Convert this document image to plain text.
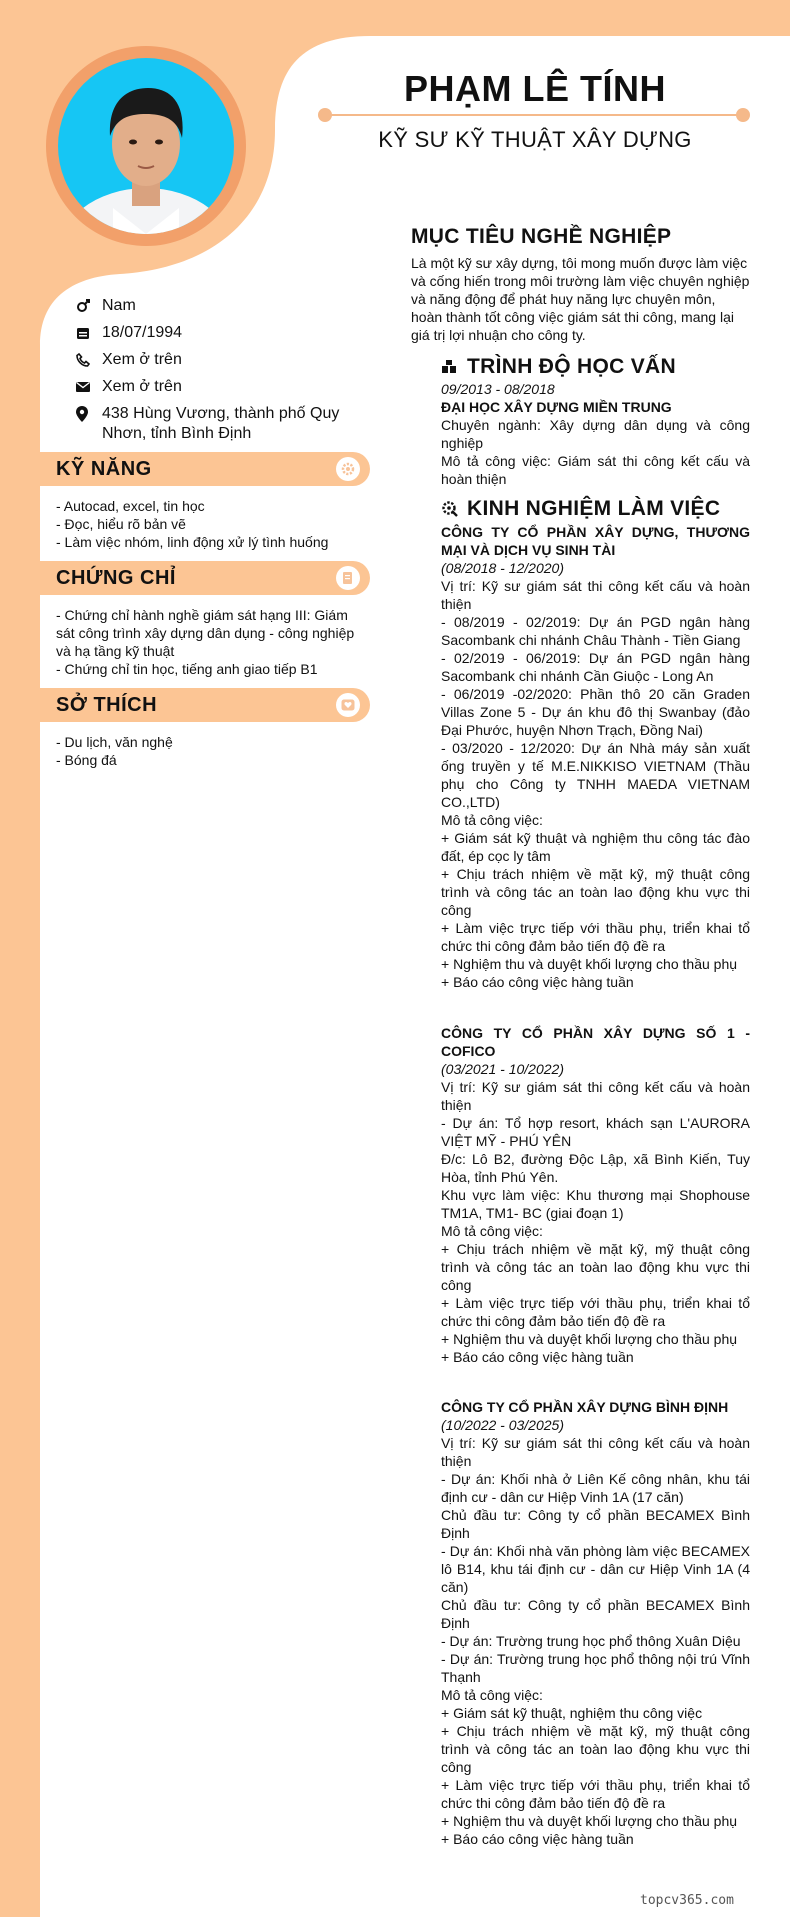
PHẠM LÊ TÍNH
KỸ SƯ KỸ THUẬT XÂY DỰNG
Nam
18/07/1994
Xem ở trên
Xem ở trên
438 Hùng Vương, thành phố Quy Nhơn, tỉnh Bình Định
KỸ NĂNG
- Autocad, excel, tin học
- Đọc, hiểu rõ bản vẽ
- Làm việc nhóm, linh động xử lý tình huống
CHỨNG CHỈ
- Chứng chỉ hành nghề giám sát hạng III: Giám sát công trình xây dựng dân dụng - công nghiệp và hạ tầng kỹ thuật
- Chứng chỉ tin học, tiếng anh giao tiếp B1
SỞ THÍCH
- Du lịch, văn nghệ
- Bóng đá
MỤC TIÊU NGHỀ NGHIỆP
Là một kỹ sư xây dựng, tôi mong muốn được làm việc và cống hiến trong môi trường làm việc chuyên nghiệp và năng động để phát huy năng lực chuyên môn, hoàn thành tốt công việc giám sát thi công, mang lại giá trị lợi nhuận cho công ty.
TRÌNH ĐỘ HỌC VẤN
09/2013 - 08/2018
ĐẠI HỌC XÂY DỰNG MIỀN TRUNG
Chuyên ngành: Xây dựng dân dụng và công nghiệp
Mô tả công việc: Giám sát thi công kết cấu và hoàn thiện
KINH NGHIỆM LÀM VIỆC
CÔNG TY CỔ PHẦN XÂY DỰNG, THƯƠNG MẠI VÀ DỊCH VỤ SINH TÀI
(08/2018 - 12/2020)
Vị trí: Kỹ sư giám sát thi công kết cấu và hoàn thiện
- 08/2019 - 02/2019: Dự án PGD ngân hàng Sacombank chi nhánh Châu Thành - Tiền Giang
- 02/2019 - 06/2019: Dự án PGD ngân hàng Sacombank chi nhánh Cần Giuộc - Long An
- 06/2019 -02/2020: Phần thô 20 căn Graden Villas Zone 5 - Dự án khu đô thị Swanbay (đảo Đại Phước, huyện Nhơn Trạch, Đồng Nai)
- 03/2020 - 12/2020: Dự án Nhà máy sản xuất ống truyền y tế M.E.NIKKISO VIETNAM (Thầu phụ cho Công ty TNHH MAEDA VIETNAM CO.,LTD)
Mô tả công việc:
+ Giám sát kỹ thuật và nghiệm thu công tác đào đất, ép cọc ly tâm
+ Chịu trách nhiệm về mặt kỹ, mỹ thuật công trình và công tác an toàn lao động khu vực thi công
+ Làm việc trực tiếp với thầu phụ, triển khai tổ chức thi công đảm bảo tiến độ đề ra
+ Nghiệm thu và duyệt khối lượng cho thầu phụ
+ Báo cáo công việc hàng tuần
CÔNG TY CỔ PHẦN XÂY DỰNG SỐ 1 - COFICO
(03/2021 - 10/2022)
Vị trí: Kỹ sư giám sát thi công kết cấu và hoàn thiện
- Dự án: Tổ hợp resort, khách sạn L'AURORA VIỆT MỸ - PHÚ YÊN
Đ/c: Lô B2, đường Độc Lập, xã Bình Kiến, Tuy Hòa, tỉnh Phú Yên.
Khu vực làm việc: Khu thương mại Shophouse TM1A, TM1- BC (giai đoạn 1)
Mô tả công việc:
+ Chịu trách nhiệm về mặt kỹ, mỹ thuật công trình và công tác an toàn lao động khu vực thi công
+ Làm việc trực tiếp với thầu phụ, triển khai tổ chức thi công đảm bảo tiến độ đề ra
+ Nghiệm thu và duyệt khối lượng cho thầu phụ
+ Báo cáo công việc hàng tuần
CÔNG TY CỔ PHẦN XÂY DỰNG BÌNH ĐỊNH
(10/2022 - 03/2025)
Vị trí: Kỹ sư giám sát thi công kết cấu và hoàn thiện
- Dự án: Khối nhà ở Liên Kế công nhân, khu tái định cư - dân cư Hiệp Vinh 1A (17 căn)
Chủ đầu tư: Công ty cổ phần BECAMEX Bình Định
- Dự án: Khối nhà văn phòng làm việc BECAMEX lô B14, khu tái định cư - dân cư Hiệp Vinh 1A (4 căn)
Chủ đầu tư: Công ty cổ phần BECAMEX Bình Định
- Dự án: Trường trung học phổ thông Xuân Diệu
- Dự án: Trường trung học phổ thông nội trú Vĩnh Thạnh
Mô tả công việc:
+ Giám sát kỹ thuật, nghiệm thu công việc
+ Chịu trách nhiệm về mặt kỹ, mỹ thuật công trình và công tác an toàn lao động khu vực thi công
+ Làm việc trực tiếp với thầu phụ, triển khai tổ chức thi công đảm bảo tiến độ đề ra
+ Nghiệm thu và duyệt khối lượng cho thầu phụ
+ Báo cáo công việc hàng tuần
topcv365.com
